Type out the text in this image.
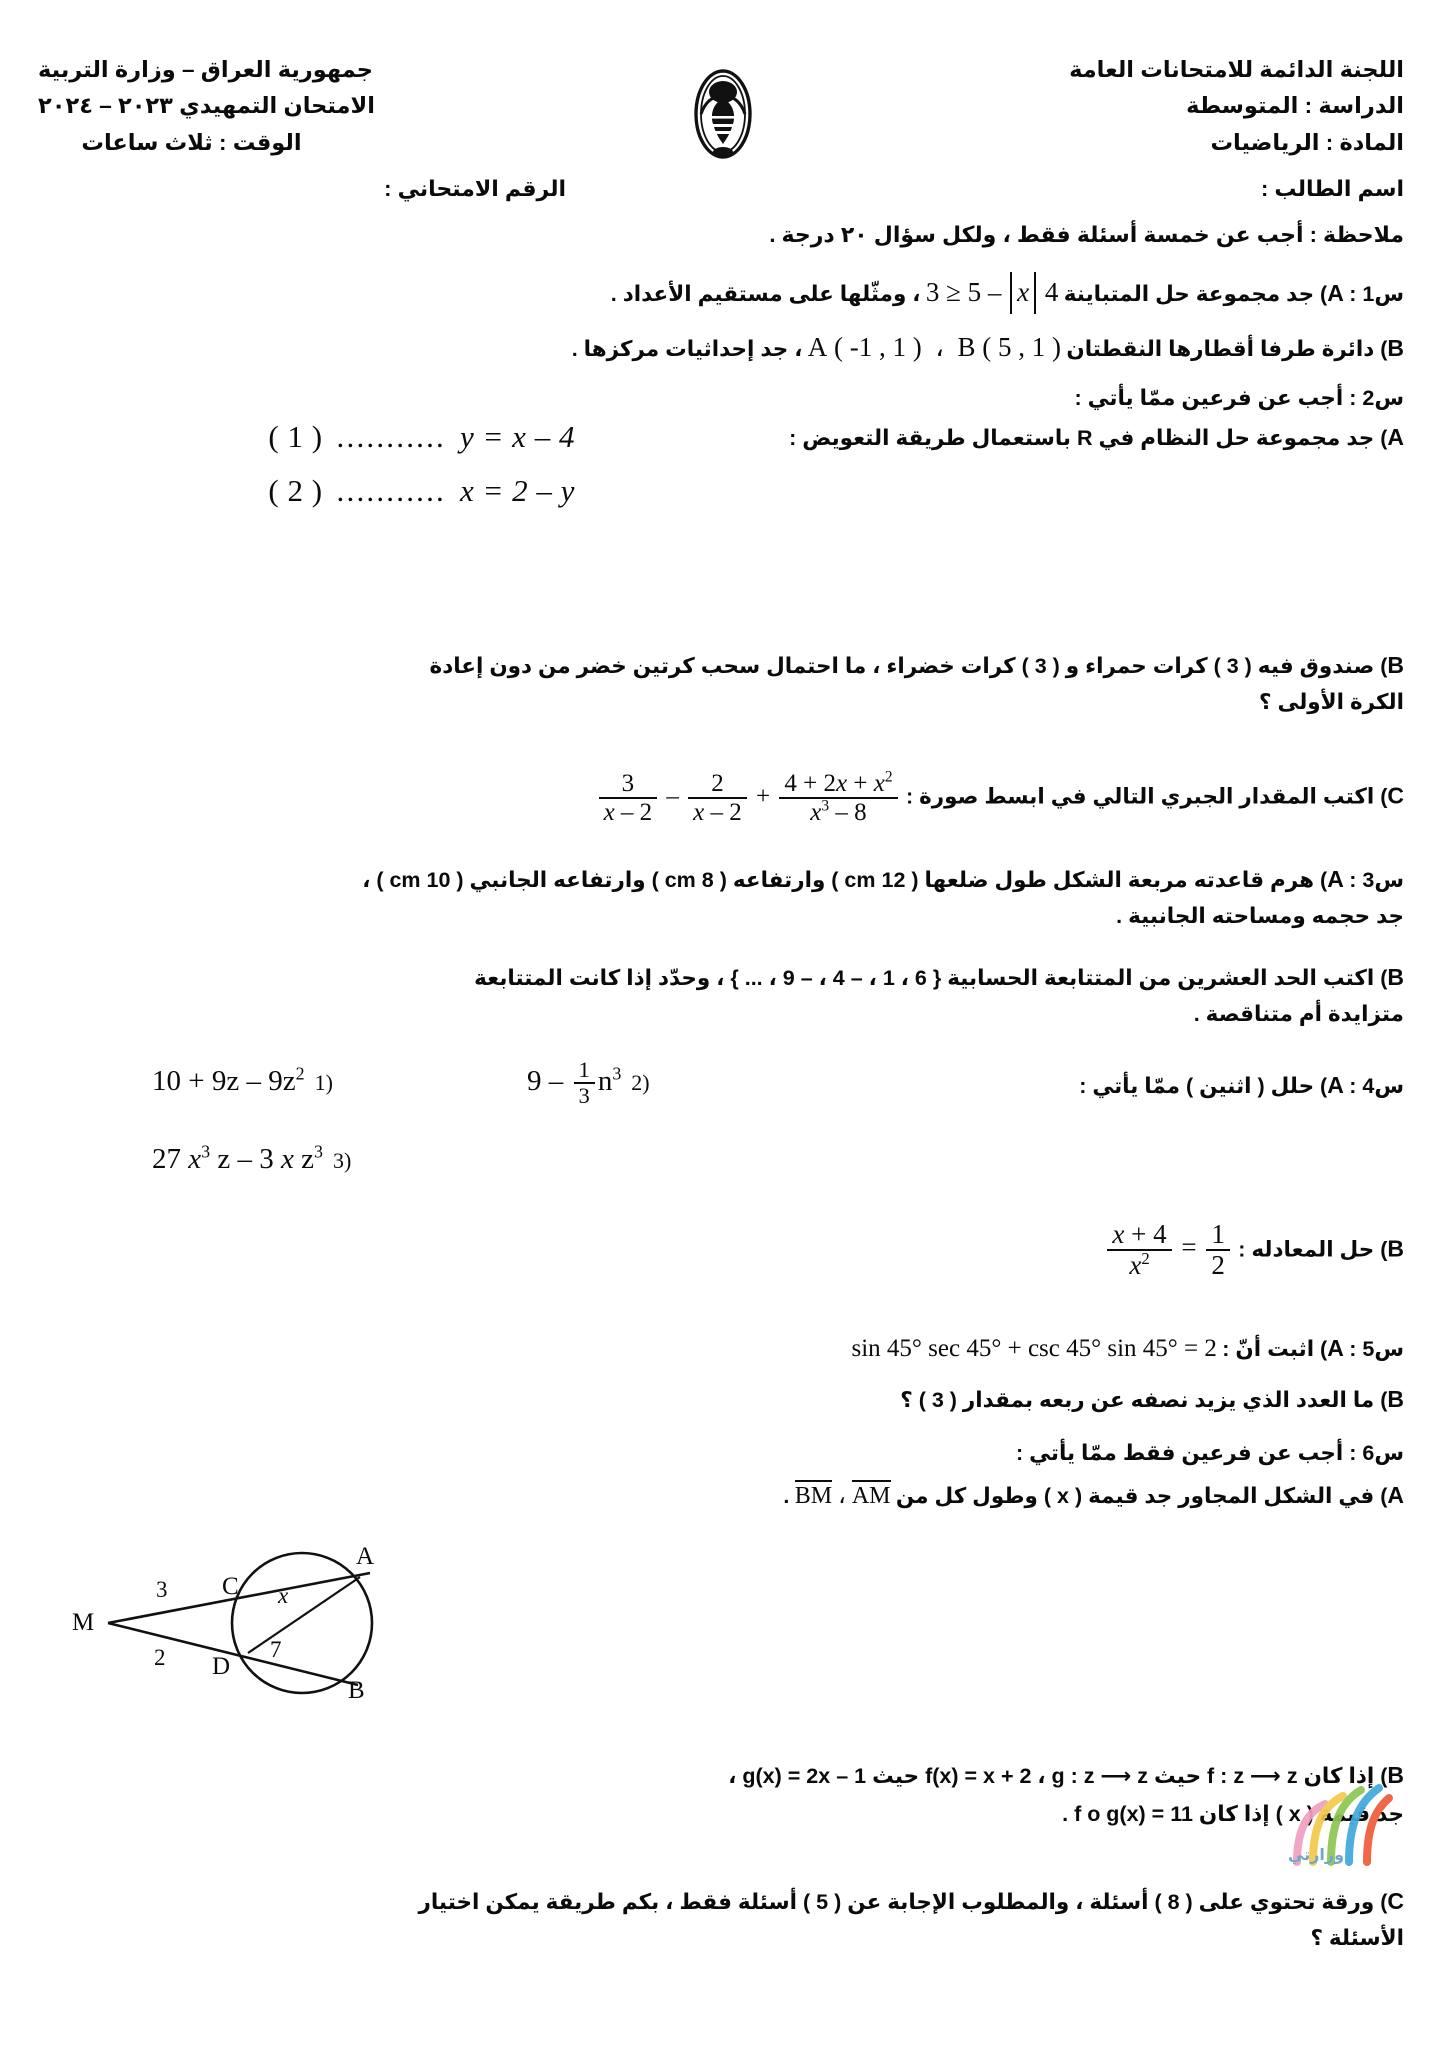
اللجنة الدائمة للامتحانات العامة
الدراسة : المتوسطة
المادة : الرياضيات
جمهورية العراق – وزارة التربية
الامتحان التمهيدي ٢٠٢٣ – ٢٠٢٤
الوقت : ثلاث ساعات
اسم الطالب :
الرقم الامتحاني :
ملاحظة : أجب عن خمسة أسئلة فقط ، ولكل سؤال ٢٠ درجة .
س1 : A) جد مجموعة حل المتباينة 3 ≥ 5 – x 4 ، ومثّلها على مستقيم الأعداد .
B) دائرة طرفا أقطارها النقطتان A ( -1 , 1 )  ،  B ( 5 , 1 ) ، جد إحداثيات مركزها .
س2 : أجب عن فرعين ممّا يأتي :
A) جد مجموعة حل النظام في R باستعمال طريقة التعويض :
y = x – 4
...........
( 1 )
x = 2 – y
...........
( 2 )
B) صندوق فيه ( 3 ) كرات حمراء و ( 3 ) كرات خضراء ، ما احتمال سحب كرتين خضر من دون إعادة
الكرة الأولى ؟
C) اكتب المقدار الجبري التالي في ابسط صورة :
$\frac{3}{x - 2} - \frac{2}{x - 2} + \frac{4 + 2x + x^2}{x^3 - 8}$
س3 : A) هرم قاعدته مربعة الشكل طول ضلعها ( 12 cm ) وارتفاعه ( 8 cm ) وارتفاعه الجانبي ( 10 cm ) ،
جد حجمه ومساحته الجانبية .
B) اكتب الحد العشرين من المتتابعة الحسابية { 6 ، 1 ، – 4 ، – 9 ، ... } ، وحدّد إذا كانت المتتابعة
متزايدة أم متناقصة .
س4 : A) حلل ( اثنين ) ممّا يأتي :
2) $9 - \frac{1}{3} n^3$
1) $10 + 9z - 9z^2$
3) 27 $x^3$ z – 3 x $z^3$
B) حل المعادله :
$\frac{x + 4}{x^2} = \frac{1}{2}$
س5 : A) اثبت أنّ : sin 45° sec 45° + csc 45° sin 45° = 2
B) ما العدد الذي يزيد نصفه عن ربعه بمقدار ( 3 ) ؟
س6 : أجب عن فرعين فقط ممّا يأتي :
A) في الشكل المجاور جد قيمة ( x ) وطول كل من BM ، AM .
M
A
B
C
D
3
2
x
7
B) إذا كان f : z ⟶ z حيث f(x) = x + 2 ، g : z ⟶ z حيث g(x) = 2x – 1 ،
جد قيمة ( x ) إذا كان f o g(x) = 11 .
C) ورقة تحتوي على ( 8 ) أسئلة ، والمطلوب الإجابة عن ( 5 ) أسئلة فقط ، بكم طريقة يمكن اختيار
الأسئلة ؟
وزارتي
